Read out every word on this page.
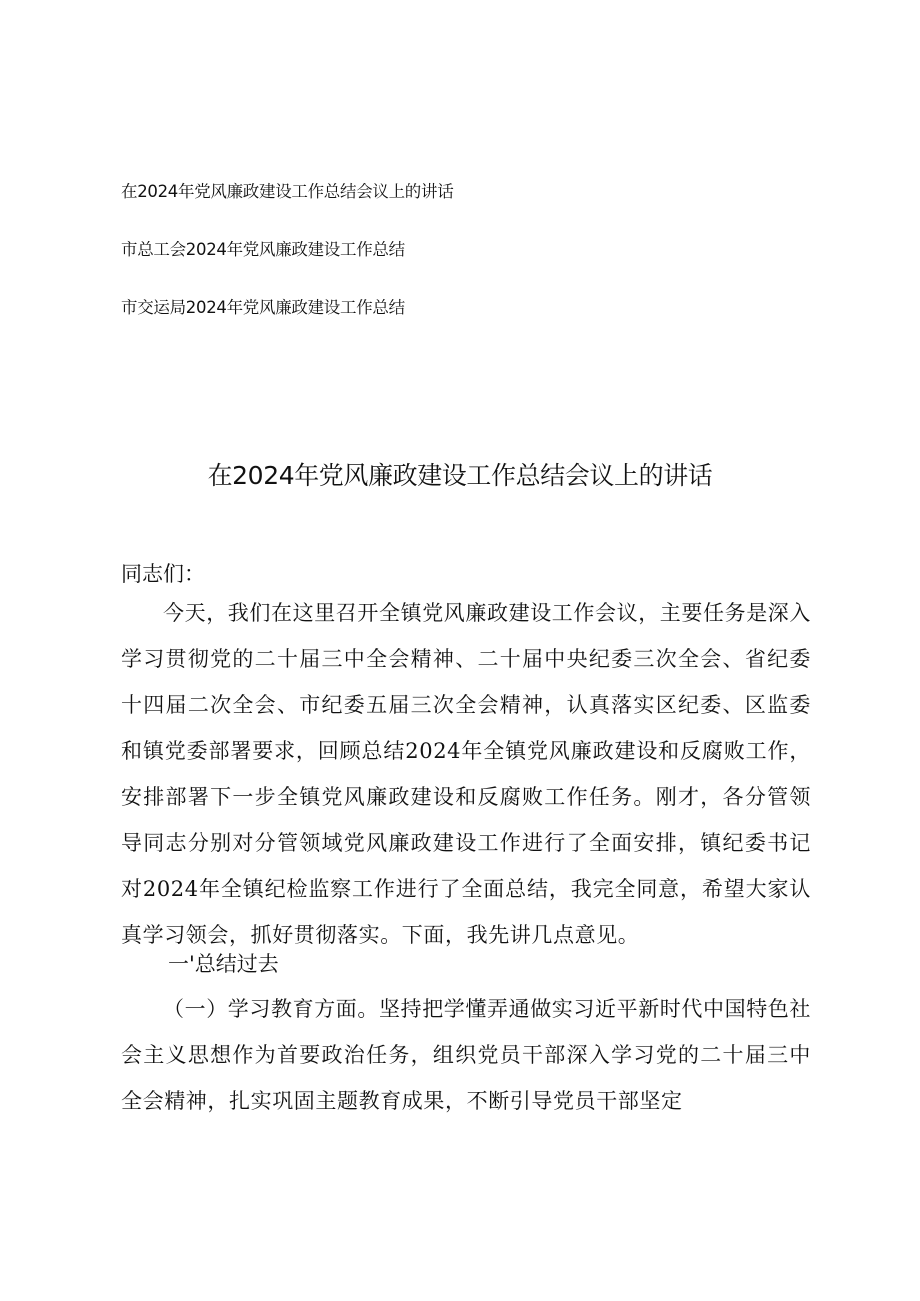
在2024年党风廉政建设工作总结会议上的讲话
市总工会2024年党风廉政建设工作总结
市交运局2024年党风廉政建设工作总结
在2024年党风廉政建设工作总结会议上的讲话
同志们：

今天，我们在这里召开全镇党风廉政建设工作会议，主要任务是深入学习贯彻党的二十届三中全会精神、二十届中央纪委三次全会、省纪委十四届二次全会、市纪委五届三次全会精神，认真落实区纪委、区监委和镇党委部署要求，回顾总结2024年全镇党风廉政建设和反腐败工作，安排部署下一步全镇党风廉政建设和反腐败工作任务。刚才，各分管领导同志分别对分管领域党风廉政建设工作进行了全面安排，镇纪委书记对2024年全镇纪检监察工作进行了全面总结，我完全同意，希望大家认真学习领会，抓好贯彻落实。下面，我先讲几点意见。

一'总结过去

（一）学习教育方面。坚持把学懂弄通做实习近平新时代中国特色社会主义思想作为首要政治任务，组织党员干部深入学习党的二十届三中全会精神，扎实巩固主题教育成果，不断引导党员干部坚定
